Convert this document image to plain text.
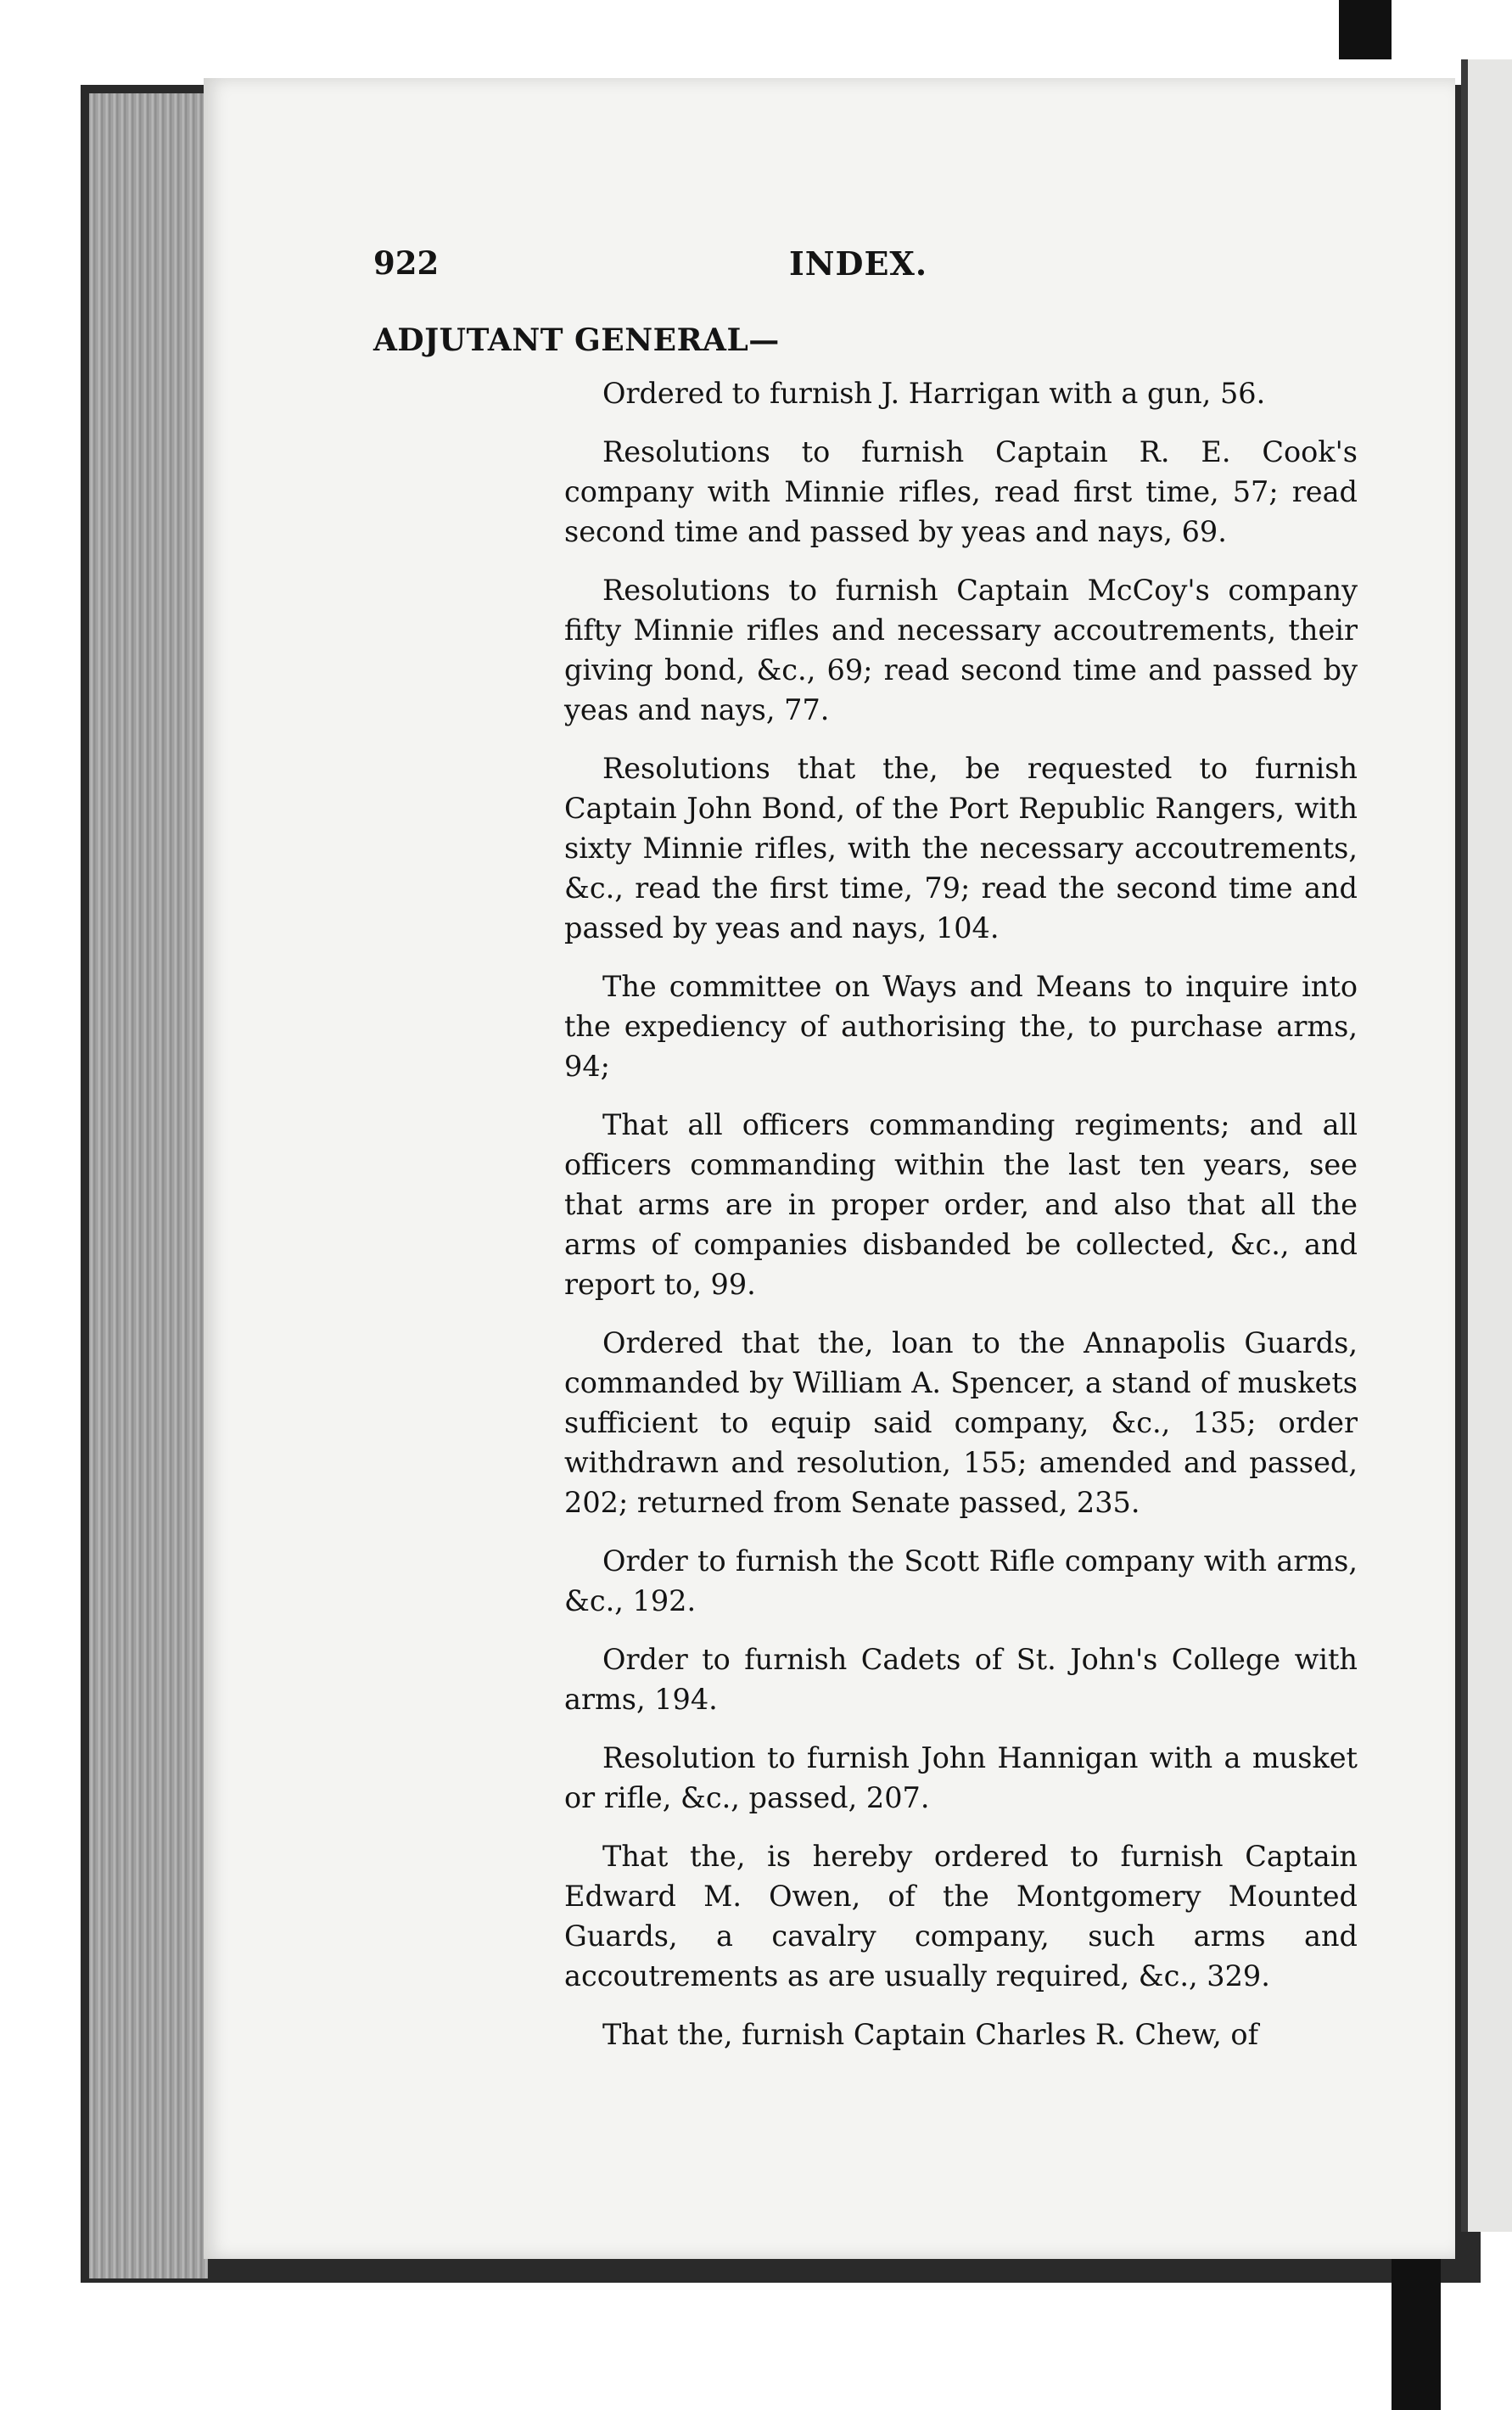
922	INDEX.
ADJUTANT GENERAL—

Ordered to furnish J. Harrigan with a gun, 56.

Resolutions to furnish Captain R. E. Cook's company with Minnie rifles, read first time, 57; read second time and passed by yeas and nays, 69.

Resolutions to furnish Captain McCoy's company fifty Minnie rifles and necessary accoutrements, their giving bond, &c., 69; read second time and passed by yeas and nays, 77.

Resolutions that the, be requested to furnish Captain John Bond, of the Port Republic Rangers, with sixty Minnie rifles, with the necessary accoutrements, &c., read the first time, 79; read the second time and passed by yeas and nays, 104.

The committee on Ways and Means to inquire into the expediency of authorising the, to purchase arms, 94;

That all officers commanding regiments; and all officers commanding within the last ten years, see that arms are in proper order, and also that all the arms of companies disbanded be collected, &c., and report to, 99.

Ordered that the, loan to the Annapolis Guards, commanded by William A. Spencer, a stand of muskets sufficient to equip said company, &c., 135; order withdrawn and resolution, 155; amended and passed, 202; returned from Senate passed, 235.

Order to furnish the Scott Rifle company with arms, &c., 192.

Order to furnish Cadets of St. John's College with arms, 194.

Resolution to furnish John Hannigan with a musket or rifle, &c., passed, 207.

That the, is hereby ordered to furnish Captain Edward M. Owen, of the Montgomery Mounted Guards, a cavalry company, such arms and accoutrements as are usually required, &c., 329.

That the, furnish Captain Charles R. Chew, of
